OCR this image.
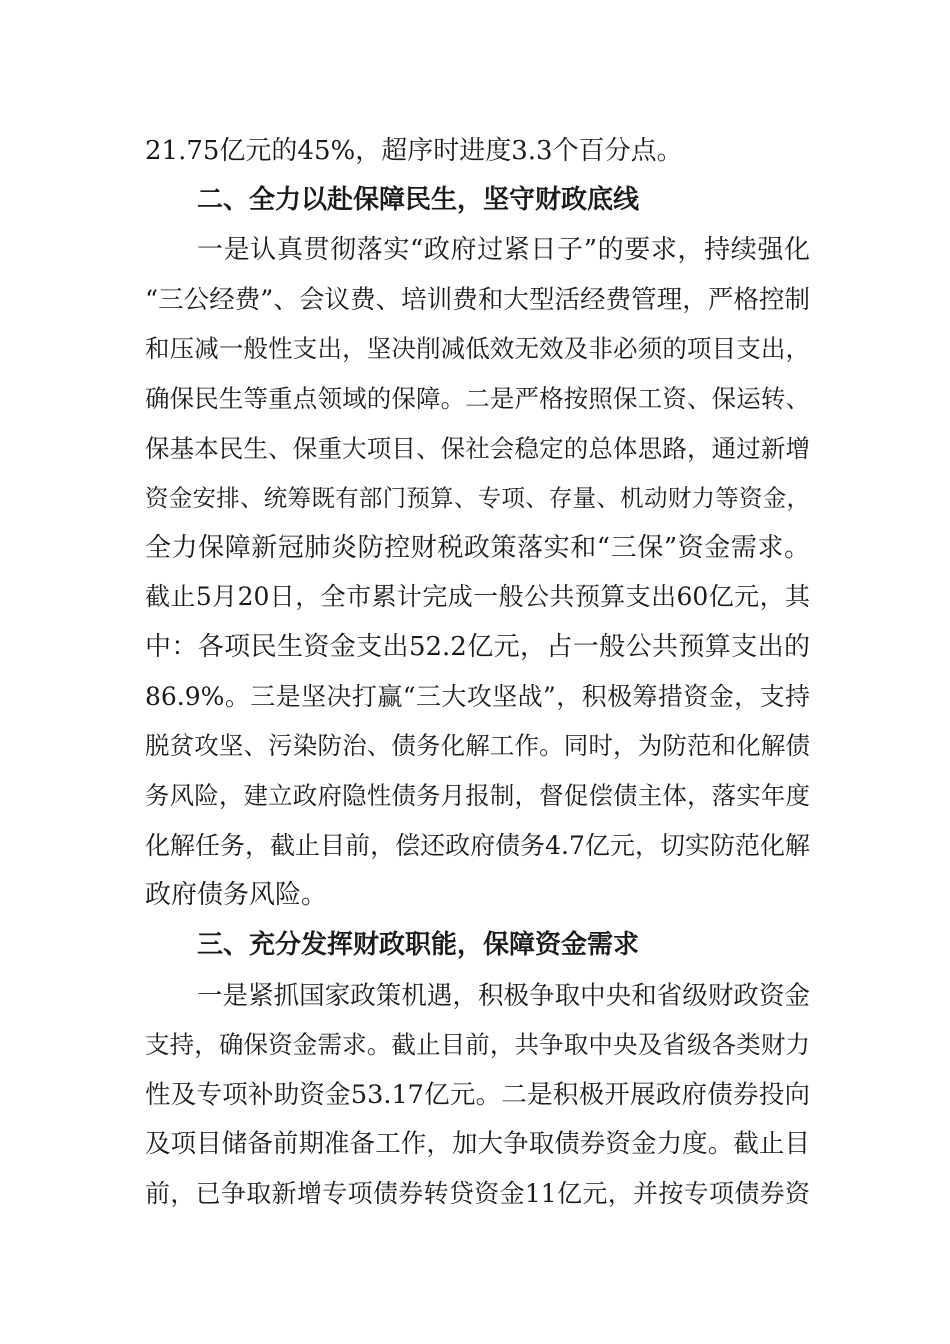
21.75亿元的45%，超序时进度3.3个百分点。
二、全力以赴保障民生，坚守财政底线
一是认真贯彻落实“政府过紧日子”的要求，持续强化
“三公经费”、会议费、培训费和大型活经费管理，严格控制
和压减一般性支出，坚决削减低效无效及非必须的项目支出，
确保民生等重点领域的保障。二是严格按照保工资、保运转、
保基本民生、保重大项目、保社会稳定的总体思路，通过新增
资金安排、统筹既有部门预算、专项、存量、机动财力等资金，
全力保障新冠肺炎防控财税政策落实和“三保”资金需求。
截止5月20日，全市累计完成一般公共预算支出60亿元，其
中：各项民生资金支出52.2亿元，占一般公共预算支出的
86.9%。三是坚决打赢“三大攻坚战”，积极筹措资金，支持
脱贫攻坚、污染防治、债务化解工作。同时，为防范和化解债
务风险，建立政府隐性债务月报制，督促偿债主体，落实年度
化解任务，截止目前，偿还政府债务4.7亿元，切实防范化解
政府债务风险。
三、充分发挥财政职能，保障资金需求
一是紧抓国家政策机遇，积极争取中央和省级财政资金
支持，确保资金需求。截止目前，共争取中央及省级各类财力
性及专项补助资金53.17亿元。二是积极开展政府债券投向
及项目储备前期准备工作，加大争取债券资金力度。截止目
前，已争取新增专项债券转贷资金11亿元，并按专项债券资
